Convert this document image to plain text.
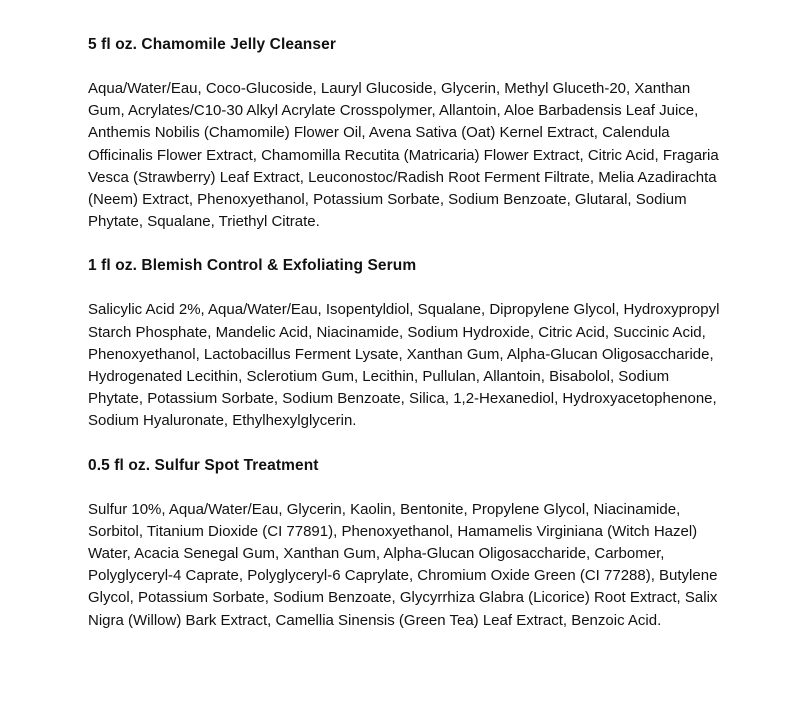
5 fl oz. Chamomile Jelly Cleanser

Aqua/Water/Eau, Coco-Glucoside, Lauryl Glucoside, Glycerin, Methyl Gluceth-20, Xanthan Gum, Acrylates/C10-30 Alkyl Acrylate Crosspolymer, Allantoin, Aloe Barbadensis Leaf Juice, Anthemis Nobilis (Chamomile) Flower Oil, Avena Sativa (Oat) Kernel Extract, Calendula Officinalis Flower Extract, Chamomilla Recutita (Matricaria) Flower Extract, Citric Acid, Fragaria Vesca (Strawberry) Leaf Extract, Leuconostoc/Radish Root Ferment Filtrate, Melia Azadirachta (Neem) Extract, Phenoxyethanol, Potassium Sorbate, Sodium Benzoate, Glutaral, Sodium Phytate, Squalane, Triethyl Citrate.

1 fl oz. Blemish Control & Exfoliating Serum

Salicylic Acid 2%, Aqua/Water/Eau, Isopentyldiol, Squalane, Dipropylene Glycol, Hydroxypropyl Starch Phosphate, Mandelic Acid, Niacinamide, Sodium Hydroxide, Citric Acid, Succinic Acid, Phenoxyethanol, Lactobacillus Ferment Lysate, Xanthan Gum, Alpha-Glucan Oligosaccharide, Hydrogenated Lecithin, Sclerotium Gum, Lecithin, Pullulan, Allantoin, Bisabolol, Sodium Phytate, Potassium Sorbate, Sodium Benzoate, Silica, 1,2-Hexanediol, Hydroxyacetophenone, Sodium Hyaluronate, Ethylhexylglycerin.

0.5 fl oz. Sulfur Spot Treatment

Sulfur 10%, Aqua/Water/Eau, Glycerin, Kaolin, Bentonite, Propylene Glycol, Niacinamide, Sorbitol, Titanium Dioxide (CI 77891), Phenoxyethanol, Hamamelis Virginiana (Witch Hazel) Water, Acacia Senegal Gum, Xanthan Gum, Alpha-Glucan Oligosaccharide, Carbomer, Polyglyceryl-4 Caprate, Polyglyceryl-6 Caprylate, Chromium Oxide Green (CI 77288), Butylene Glycol, Potassium Sorbate, Sodium Benzoate, Glycyrrhiza Glabra (Licorice) Root Extract, Salix Nigra (Willow) Bark Extract, Camellia Sinensis (Green Tea) Leaf Extract, Benzoic Acid.
